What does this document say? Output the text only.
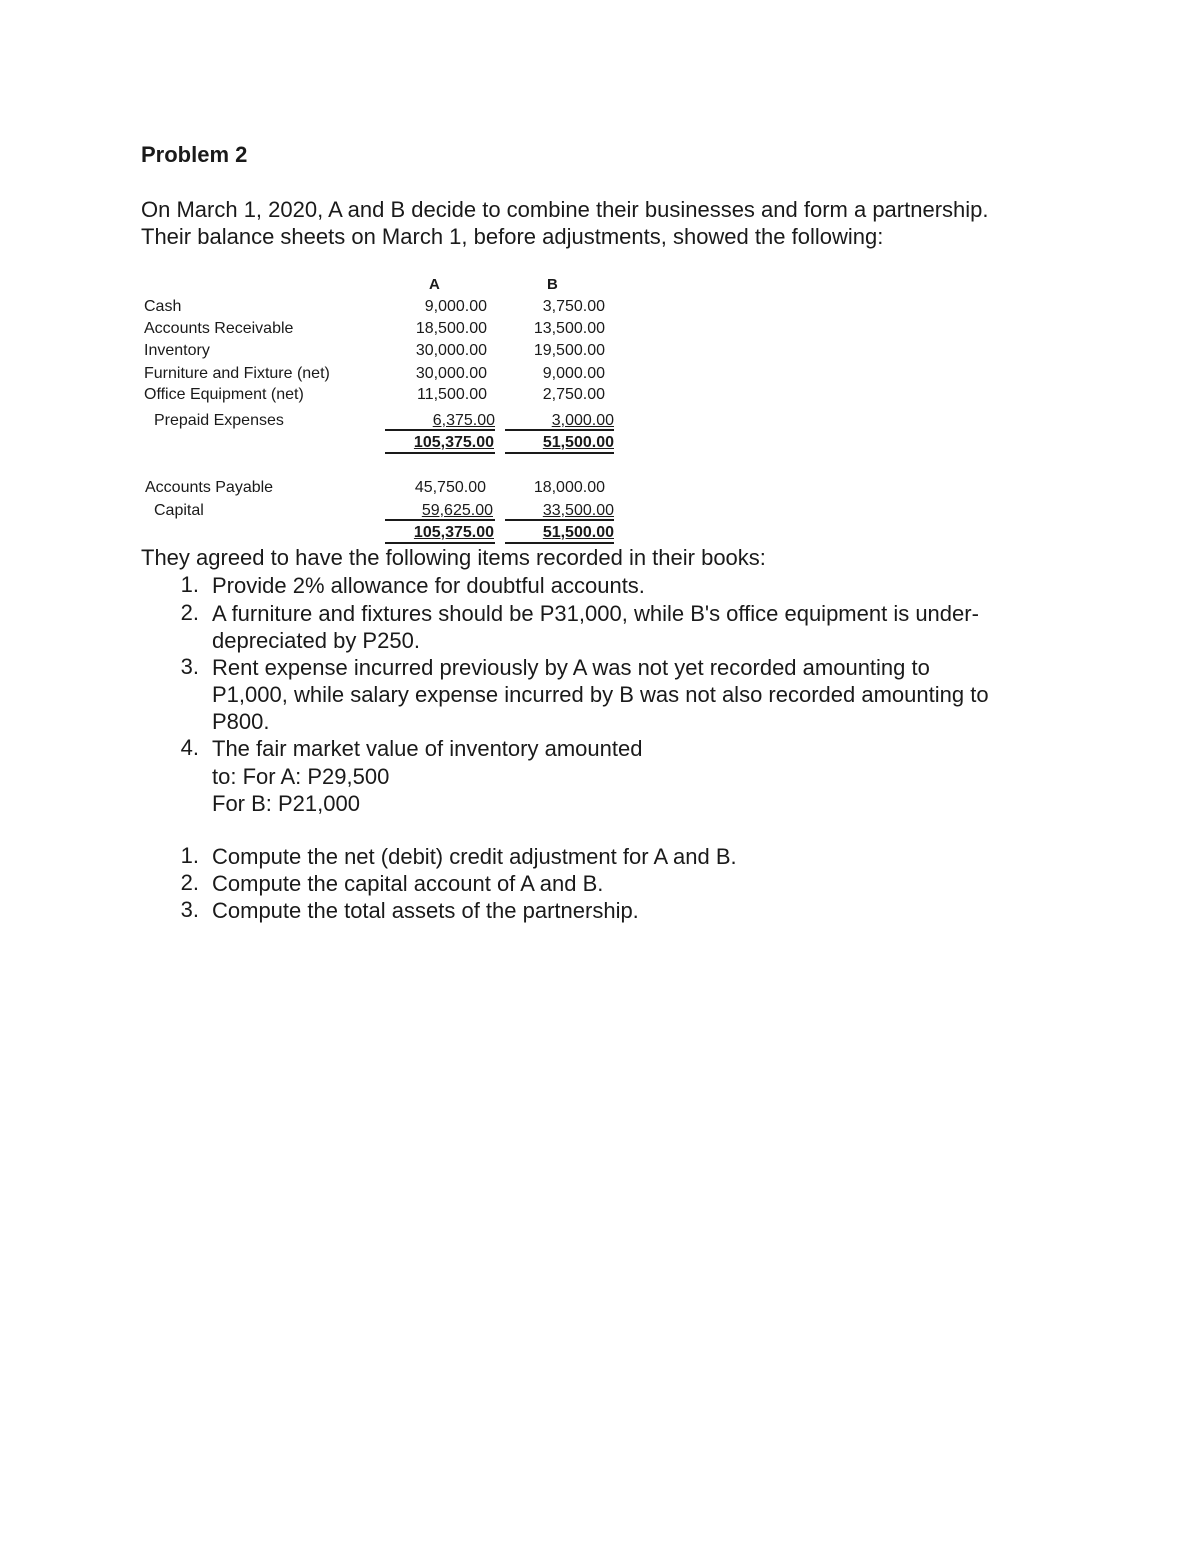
Problem 2
On March 1, 2020, A and B decide to combine their businesses and form a partnership.
Their balance sheets on March 1, before adjustments, showed the following:
A	B
Cash	9,000.00	3,750.00
Accounts Receivable	18,500.00	13,500.00
Inventory	30,000.00	19,500.00
Furniture and Fixture (net)	30,000.00	9,000.00
Office Equipment (net)	11,500.00	2,750.00
Prepaid Expenses	6,375.00	3,000.00
105,375.00	51,500.00
Accounts Payable	45,750.00	18,000.00
Capital	59,625.00	33,500.00
105,375.00	51,500.00
They agreed to have the following items recorded in their books:
1. Provide 2% allowance for doubtful accounts.
2. A furniture and fixtures should be P31,000, while B's office equipment is under-
depreciated by P250.
3. Rent expense incurred previously by A was not yet recorded amounting to
P1,000, while salary expense incurred by B was not also recorded amounting to
P800.
4. The fair market value of inventory amounted
to: For A: P29,500
For B: P21,000
1. Compute the net (debit) credit adjustment for A and B.
2. Compute the capital account of A and B.
3. Compute the total assets of the partnership.
